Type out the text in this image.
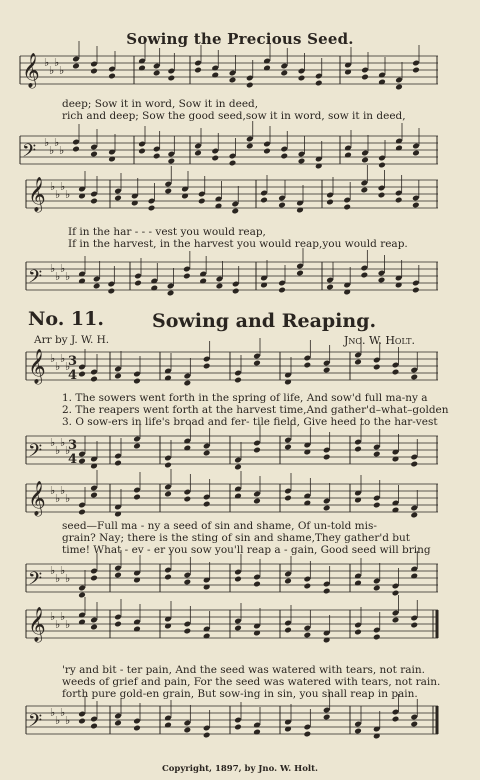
𝄞 ♭
♭
♭
♭
𝄢 ♭
♭
♭
♭
𝄞 ♭
♭
♭
♭
𝄢 ♭
♭
♭
♭
𝄞 ♭
♭
♭
♭
𝄢 ♭
♭
♭
♭
𝄞 ♭
♭
♭
♭
𝄢 ♭
♭
♭
♭
𝄞 ♭
♭
♭
♭
𝄢 ♭
♭
♭
♭
3
4
3
4
Sowing the Precious Seed.
deep; Sow it in word, Sow it in deed,
rich and deep; Sow the good seed,sow it in word, sow it in deed,
If in the har - - - vest you would reap,
If in the harvest, in the harvest you would reap,you would reap.
No. 11.	Sowing and Reaping.
Arr by J. W. H.	Jno. W. Holt.
1. The sowers went forth in the spring of life, And sow'd full ma-ny a
2. The reapers went forth at the harvest time,And gather'd–what–golden
3. O sow-ers in life's broad and fer- tile field, Give heed to the har-vest
seed—Full ma - ny a seed of sin and shame, Of un-told mis-
grain? Nay; there is the sting of sin and shame,They gather'd but
time! What - ev - er you sow you'll reap a - gain, Good seed will bring
'ry and bit - ter pain, And the seed was watered with tears, not rain.
weeds of grief and pain, For the seed was watered with tears, not rain.
forth pure gold-en grain, But sow-ing in sin, you shall reap in pain.
Copyright, 1897, by Jno. W. Holt.
